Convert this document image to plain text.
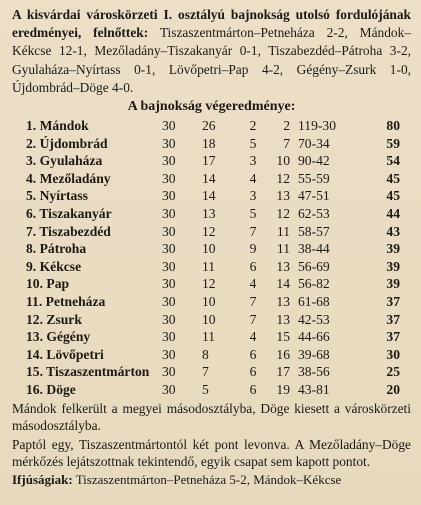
A kisvárdai városkörzeti I. osztályú bajnokság utolsó fordulójának eredményei, felnőttek: Tiszaszentmárton–Petneháza 2-2, Mándok–Kékcse 12-1, Mezőladány–Tiszakanyár 0-1, Tiszabezdéd–Pátroha 3-2, Gyulaháza–Nyírtass 0-1, Lövőpetri–Pap 4-2, Gégény–Zsurk 1-0, Újdombrád–Döge 4-0.

A bajnokság végeredménye:
1. Mándok	30	26	2	2	119-30	80
2. Újdombrád	30	18	5	7	70-34	59
3. Gyulaháza	30	17	3	10	90-42	54
4. Mezőladány	30	14	4	12	55-59	45
5. Nyírtass	30	14	3	13	47-51	45
6. Tiszakanyár	30	13	5	12	62-53	44
7. Tiszabezdéd	30	12	7	11	58-57	43
8. Pátroha	30	10	9	11	38-44	39
9. Kékcse	30	11	6	13	56-69	39
10. Pap	30	12	4	14	56-82	39
11. Petneháza	30	10	7	13	61-68	37
12. Zsurk	30	10	7	13	42-53	37
13. Gégény	30	11	4	15	44-66	37
14. Lövőpetri	30	8	6	16	39-68	30
15. Tiszaszentmárton	30	7	6	17	38-56	25
16. Döge	30	5	6	19	43-81	20

Mándok felkerült a megyei másodosztályba, Döge kiesett a városkörzeti másodosztályba.

Paptól egy, Tiszaszentmártontól két pont levonva. A Mezőladány–Döge mérkőzés lejátszottnak tekintendő, egyik csapat sem kapott pontot.

Ifjúságiak: Tiszaszentmárton–Petneháza 5-2, Mándok–Kékcse
